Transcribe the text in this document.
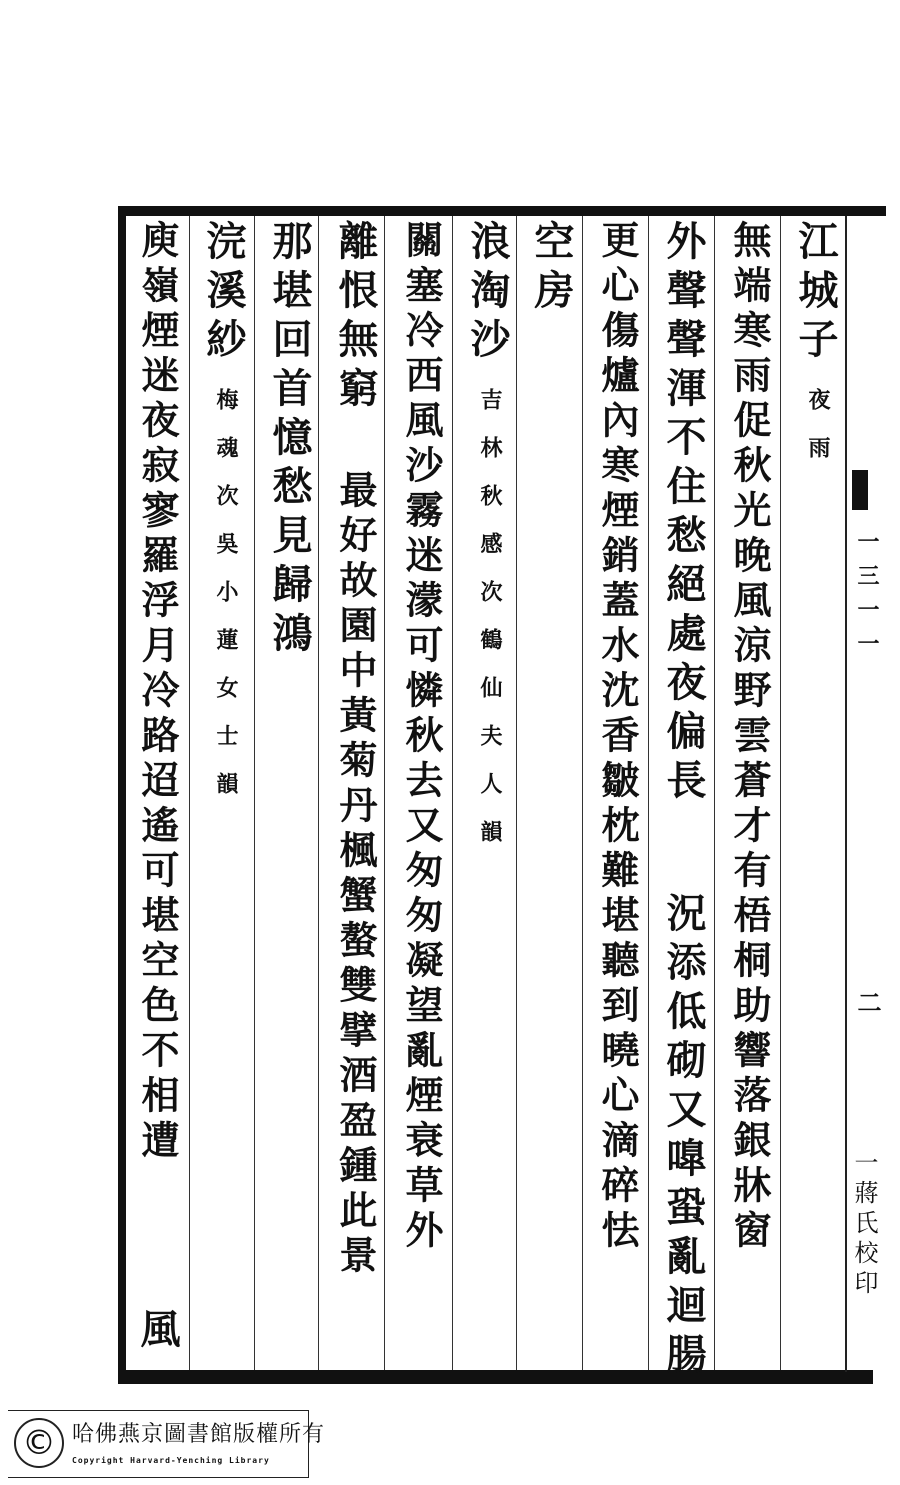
江城子
夜雨
無端寒雨促秋光晚風涼野雲蒼才有梧桐助響落銀牀窗
外聲聲渾不住愁絕處夜偏長
況添低砌又嘷蛩亂迴腸
更心傷爐內寒煙銷蓋水沈香皺枕難堪聽到曉心滴碎怯
空房
浪淘沙
吉林秋感次鶴仙夫人韻
關塞冷西風沙霧迷濛可憐秋去又匆匆凝望亂煙衰草外
離恨無窮
最好故園中黃菊丹楓蟹螯雙擘酒盈鍾此景
那堪回首憶愁見歸鴻
浣溪紗
梅魂次吳小蓮女士韻
庾嶺煙迷夜寂寥羅浮月冷路迢遙可堪空色不相遭
風
一三一一
二
一蔣氏校印
© 哈佛燕京圖書館版權所有
Copyright Harvard-Yenching Library
